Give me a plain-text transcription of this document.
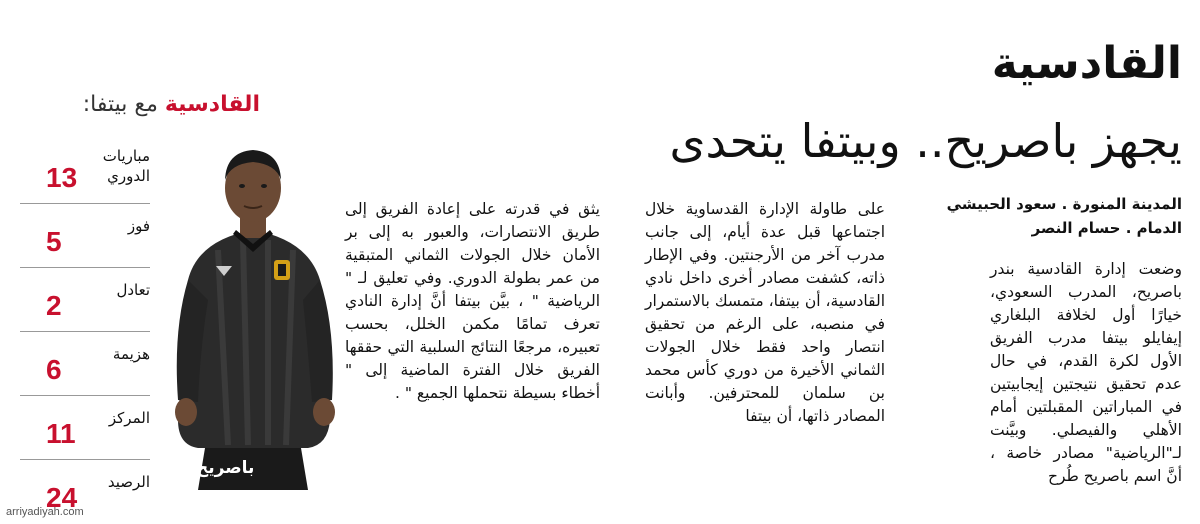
القادسية
يجهز باصريح.. وبيتفا يتحدى
المدينة المنورة . سعود الحبيشي
الدمام . حسام النصر

وضعت إدارة القادسية بندر باصريح، المدرب السعودي، خيارًا أول لخلافة البلغاري إيفايلو بيتفا مدرب الفريق الأول لكرة القدم، في حال عدم تحقيق نتيجتين إيجابيتين في المباراتين المقبلتين أمام الأهلي والفيصلي. وبيَّنت لـ"الرياضية" مصادر خاصة ، أنَّ اسم باصريح طُرح

على طاولة الإدارة القدساوية خلال اجتماعها قبل عدة أيام، إلى جانب مدرب آخر من الأرجنتين. وفي الإطار ذاته، كشفت مصادر أخرى داخل نادي القادسية، أن بيتفا، متمسك بالاستمرار في منصبه، على الرغم من تحقيق انتصار واحد فقط خلال الجولات الثماني الأخيرة من دوري كأس محمد بن سلمان للمحترفين. وأبانت المصادر ذاتها، أن بيتفا

يثق في قدرته على إعادة الفريق إلى طريق الانتصارات، والعبور به إلى بر الأمان خلال الجولات الثماني المتبقية من عمر بطولة الدوري. وفي تعليق لـ " الرياضية " ، بيَّن بيتفا أنَّ إدارة النادي تعرف تمامًا مكمن الخلل، بحسب تعبيره، مرجعًا النتائج السلبية التي حققها الفريق خلال الفترة الماضية إلى " أخطاء بسيطة نتحملها الجميع " .

باصريح
القادسية مع بيتفا:
مباريات الدوري
13
فوز
5
تعادل
2
هزيمة
6
المركز
11
الرصيد
24
arriyadiyah.com
